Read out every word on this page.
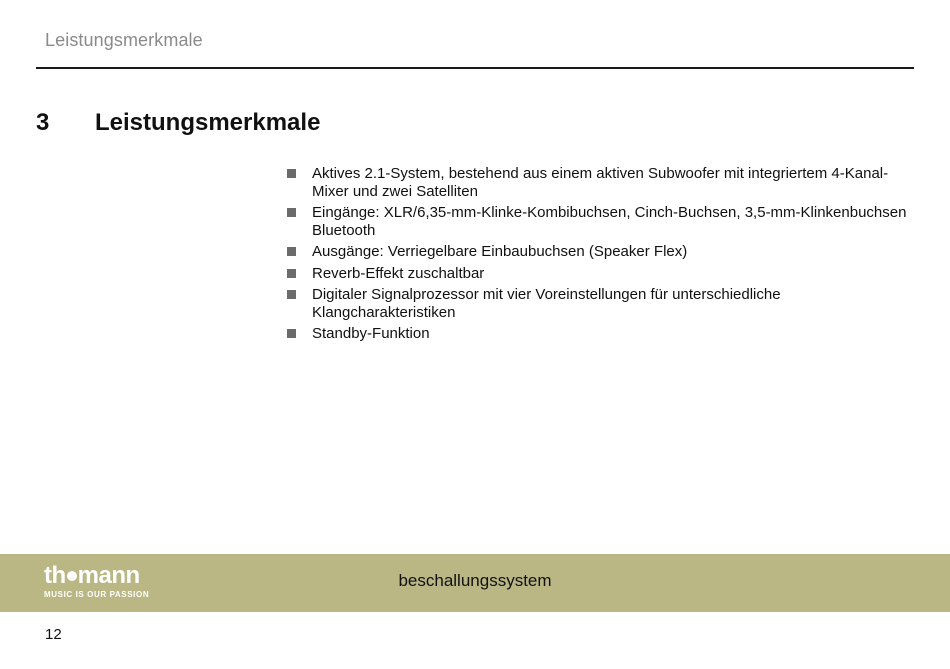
Leistungsmerkmale
3 Leistungsmerkmale
Aktives 2.1-System, bestehend aus einem aktiven Subwoofer mit integriertem 4-Kanal-Mixer und zwei Satelliten
Eingänge: XLR/6,35-mm-Klinke-Kombibuchsen, Cinch-Buchsen, 3,5-mm-Klinkenbuchsen Bluetooth
Ausgänge: Verriegelbare Einbaubuchsen (Speaker Flex)
Reverb-Effekt zuschaltbar
Digitaler Signalprozessor mit vier Voreinstellungen für unterschiedliche Klangcharakteristiken
Standby-Funktion
th mann
MUSIC IS OUR PASSION
beschallungssystem
12
